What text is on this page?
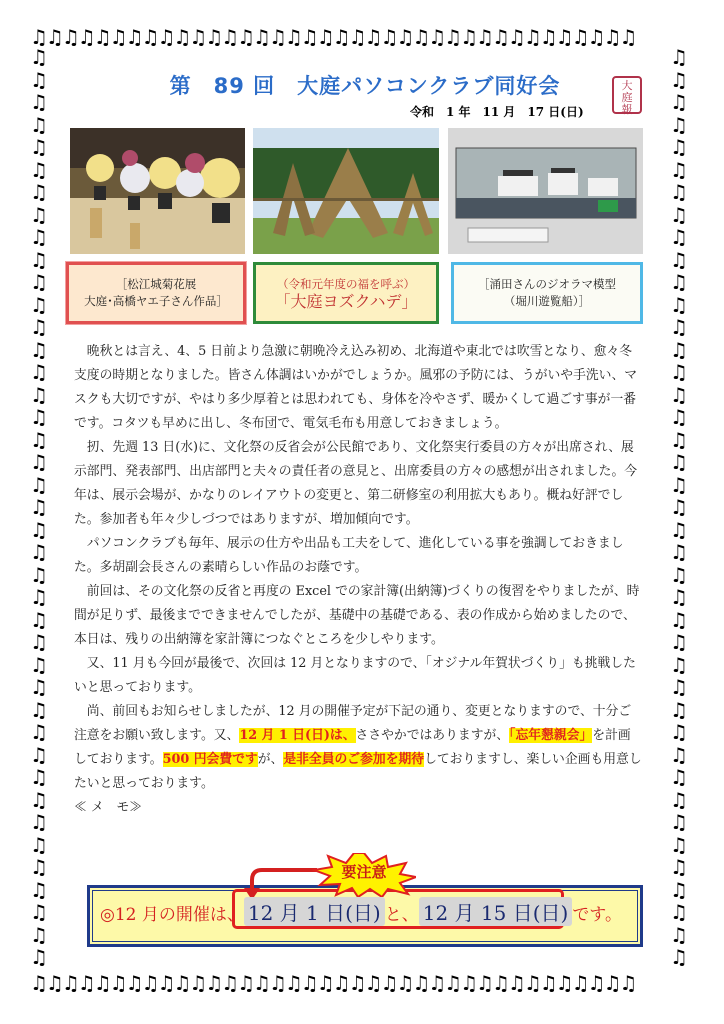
♫♫♫♫♫♫♫♫♫♫♫♫♫♫♫♫♫♫♫♫♫♫♫♫♫♫♫♫♫♫♫♫♫♫♫♫♫♫
♫♫♫♫♫♫♫♫♫♫♫♫♫♫♫♫♫♫♫♫♫♫♫♫♫♫♫♫♫♫♫♫♫♫♫♫♫♫
♫♫♫♫♫♫♫♫♫♫♫♫♫♫♫♫♫♫♫♫♫♫♫♫♫♫♫♫♫♫♫♫♫♫♫♫♫♫♫♫♫
♫♫♫♫♫♫♫♫♫♫♫♫♫♫♫♫♫♫♫♫♫♫♫♫♫♫♫♫♫♫♫♫♫♫♫♫♫♫♫♫♫
第　89 回　大庭パソコンクラブ同好会
令和　1 年　11 月　17 日(日)
大
庭
報
［松江城菊花展
大庭･高橋ヤエ子さん作品］
（令和元年度の福を呼ぶ）
「大庭ヨズクハデ」
［涌田さんのジオラマ模型
（堀川遊覧船）］

晩秋とは言え、4、5 日前より急激に朝晩冷え込み初め、北海道や東北では吹雪となり、愈々冬支度の時期となりました。皆さん体調はいかがでしょうか。風邪の予防には、うがいや手洗い、マスクも大切ですが、やはり多少厚着とは思われても、身体を冷やさず、暖かくして過ごす事が一番です。コタツも早めに出し、冬布団で、電気毛布も用意しておきましょう。

扨、先週 13 日(水)に、文化祭の反省会が公民館であり、文化祭実行委員の方々が出席され、展示部門、発表部門、出店部門と夫々の責任者の意見と、出席委員の方々の感想が出されました。今年は、展示会場が、かなりのレイアウトの変更と、第二研修室の利用拡大もあり。概ね好評でした。参加者も年々少しづつではありますが、増加傾向です。

パソコンクラブも毎年、展示の仕方や出品も工夫をして、進化している事を強調しておきました。多胡副会長さんの素晴らしい作品のお蔭です。

前回は、その文化祭の反省と再度の Excel での家計簿(出納簿)づくりの復習をやりましたが、時間が足りず、最後までできませんでしたが、基礎中の基礎である、表の作成から始めましたので、本日は、残りの出納簿を家計簿につなぐところを少しやります。

又、11 月も今回が最後で、次回は 12 月となりますので、「オジナル年賀状づくり」も挑戦したいと思っております。

尚、前回もお知らせしましたが、12 月の開催予定が下記の通り、変更となりますので、十分ご注意をお願い致します。又、12 月 1 日(日)は、ささやかではありますが、「忘年懇親会」を計画しております。500 円会費ですが、是非全員のご参加を期待しておりますし、楽しい企画も用意したいと思っております。

≪ メ　モ≫

要注意
◎12 月の開催は、 12 月 1 日(日) と、 12 月 15 日(日) です。
